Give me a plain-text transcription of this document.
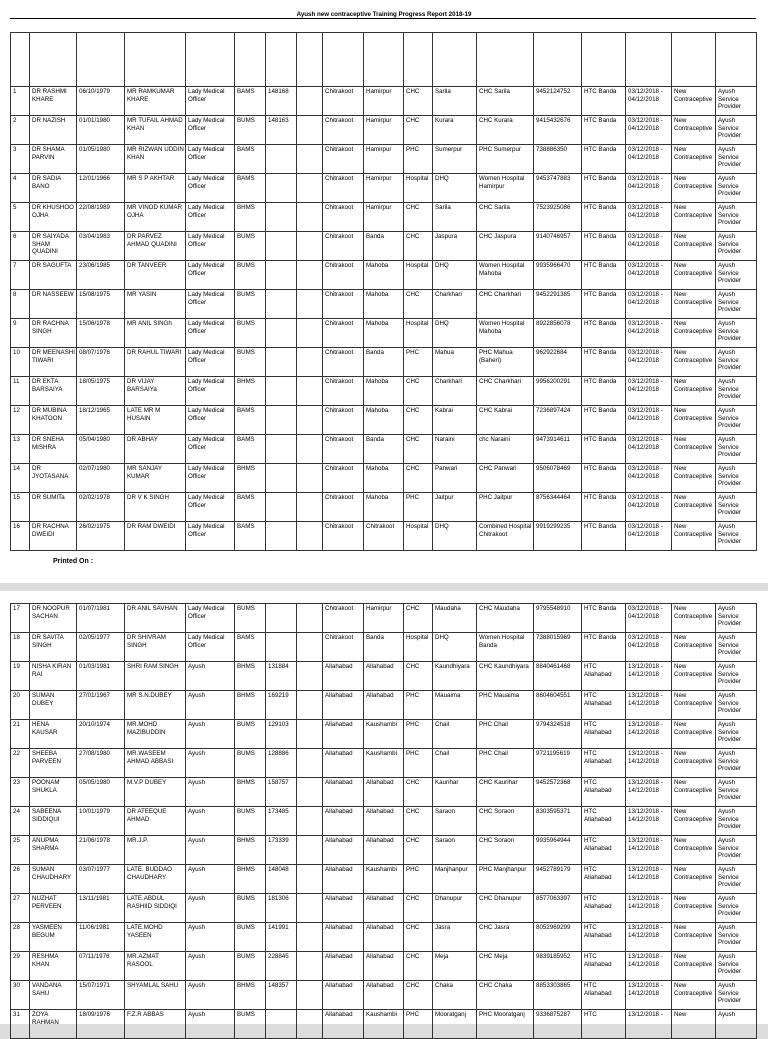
Ayush new contraceptive Training Progress Report 2018-19
Printed On :

1	DR RASHMI KHARE	06/10/1979	MR RAMKUMAR KHARE	Lady Medical Officer	BAMS	148168		Chitrakoot	Hamirpur	CHC	Sarila	CHC Sarila	9452124752	HTC Banda	03/12/2018 - 04/12/2018	New Contraceptive	Ayush Service Provider
2	DR NAZISH	01/01/1980	MR TUFAIL AHMAD KHAN	Lady Medical Officer	BUMS	148163		Chitrakoot	Hamirpur	CHC	Kurara	CHC Kurara	9415432676	HTC Banda	03/12/2018 - 04/12/2018	New Contraceptive	Ayush Service Provider
3	DR SHAMA PARVIN	01/05/1980	MR RIZWAN UDDIN KHAN	Lady Medical Officer	BAMS			Chitrakoot	Hamirpur	PHC	Sumerpur	PHC Sumerpur	738886350	HTC Banda	03/12/2018 - 04/12/2018	New Contraceptive	Ayush Service Provider
4	DR SADIA BANO	12/01/1966	MR S P AKHTAR	Lady Medical Officer	BAMS			Chitrakoot	Hamirpur	Hospital	DHQ	Women Hospital Hamirpur	9453747883	HTC Banda	03/12/2018 - 04/12/2018	New Contraceptive	Ayush Service Provider
5	DR KHUSHOO OJHA	22/08/1989	MR VINOD KUMAR OJHA	Lady Medical Officer	BHMS			Chitrakoot	Hamirpur	CHC	Sarila	CHC Sarila	7523925086	HTC Banda	03/12/2018 - 04/12/2018	New Contraceptive	Ayush Service Provider
6	DR SAIYADA SHAM QUADINI	03/04/1983	DR PARVEZ AHMAD QUADINI	Lady Medical Officer	BUMS			Chitrakoot	Banda	CHC	Jaspura	CHC Jaspura	9140746957	HTC Banda	03/12/2018 - 04/12/2018	New Contraceptive	Ayush Service Provider
7	DR SAGUFTA	23/06/1985	DR TANVEER	Lady Medical Officer	BUMS			Chitrakoot	Mahoba	Hospital	DHQ	Women Hospital Mahoba	9935966470	HTC Banda	03/12/2018 - 04/12/2018	New Contraceptive	Ayush Service Provider
8	DR NASSEEW	15/08/1975	MR YASIN	Lady Medical Officer	BUMS			Chitrakoot	Mahoba	CHC	Charkhari	CHC Charkhari	9452291385	HTC Banda	03/12/2018 - 04/12/2018	New Contraceptive	Ayush Service Provider
9	DR RACHNA SINGH	15/06/1978	MR ANIL SINGh	Lady Medical Officer	BUMS			Chitrakoot	Mahoba	Hospital	DHQ	Women Hospital Mahoba	8922856078	HTC Banda	03/12/2018 - 04/12/2018	New Contraceptive	Ayush Service Provider
10	DR MEENASHI TIWARI	08/07/1976	DR RAHUL TIWARI	Lady Medical Officer	BUMS			Chitrakoot	Banda	PHC	Mahua	PHC Mahua (Baheri)	962922684	HTC Banda	03/12/2018 - 04/12/2018	New Contraceptive	Ayush Service Provider
11	DR EKTA BARSAIYA	18/05/1975	DR VIJAY BARSAIYa	Lady Medical Officer	BHMS			Chitrakoot	Mahoba	CHC	Charkhari	CHC Charkhari	9956200291	HTC Banda	03/12/2018 - 04/12/2018	New Contraceptive	Ayush Service Provider
12	DR MUBINA KHATOON	18/12/1965	LATE MR M HUSAIN	Lady Medical Officer	BAMS			Chitrakoot	Mahoba	CHC	Kabrai	CHC Kabrai	7236897424	HTC Banda	03/12/2018 - 04/12/2018	New Contraceptive	Ayush Service Provider
13	DR SNEHA MISHRA	05/04/1980	DR ABHAY	Lady Medical Officer	BAMS			Chitrakoot	Banda	CHC	Naraini	chc Naraini	9473914611	HTC Banda	03/12/2018 - 04/12/2018	New Contraceptive	Ayush Service Provider
14	DR JYOTASANA	02/07/1980	MR SANJAY KUMAR	Lady Medical Officer	BHMS			Chitrakoot	Mahoba	CHC	Panwari	CHC Panwari	9506078469	HTC Banda	03/12/2018 - 04/12/2018	New Contraceptive	Ayush Service Provider
15	DR SUMITa	02/02/1978	DR V K SINGH	Lady Medical Officer	BAMS			Chitrakoot	Mahoba	PHC	Jaitpur	PHC Jaitpur	8756344464	HTC Banda	03/12/2018 - 04/12/2018	New Contraceptive	Ayush Service Provider
16	DR RACHNA DWEIDI	26/02/1975	DR RAM DWEIDI	Lady Medical Officer	BAMS			Chitrakoot	Chitrakoot	Hospital	DHQ	Combined Hospital Chitrakoot	9919299235	HTC Banda	03/12/2018 - 04/12/2018	New Contraceptive	Ayush Service Provider
17	DR NOOPUR SACHAN	01/07/1981	DR ANIL SAVHAN	Lady Medical Officer	BUMS			Chitrakoot	Hamirpur	CHC	Maudaha	CHC Maudaha	9795548910	HTC Banda	03/12/2018 - 04/12/2018	New Contraceptive	Ayush Service Provider
18	DR SAVITA SINGH	02/05/1977	DR SHIVRAM SINGH	Lady Medical Officer	BAMS			Chitrakoot	Banda	Hospital	DHQ	Women Hospital Banda	7388015969	HTC Banda	03/12/2018 - 04/12/2018	New Contraceptive	Ayush Service Provider
19	NISHA KIRAN RAI	01/03/1981	SHRI RAM SINGH	Ayush	BHMS	131884		Allahabad	Allahabad	CHC	Kaundhiyara	CHC Kaundhiyara	8840461468	HTC Allahabad	13/12/2018 - 14/12/2018	New Contraceptive	Ayush Service Provider
20	SUMAN DUBEY	27/01/1967	MR S.N.DUBEY	Ayush	BHMS	169219		Allahabad	Allahabad	PHC	Mauaima	PHC Mauaima	8604604551	HTC Allahabad	13/12/2018 - 14/12/2018	New Contraceptive	Ayush Service Provider
21	HENA KAUSAR	20/10/1974	MR.MOHD MAZIBUDDIN	Ayush	BUMS	129103		Allahabad	Kaushambi	PHC	Chail	PHC Chail	9794324518	HTC Allahabad	13/12/2018 - 14/12/2018	New Contraceptive	Ayush Service Provider
22	SHEEBA PARVEEN	27/08/1980	MR.WASEEM AHMAD ABBASI	Ayush	BUMS	128886		Allahabad	Kaushambi	PHC	Chail	PHC Chail	9721195619	HTC Allahabad	13/12/2018 - 14/12/2018	New Contraceptive	Ayush Service Provider
23	POONAM SHUKLA	05/05/1980	M.V.P DUBEY	Ayush	BHMS	158757		Allahabad	Allahabad	CHC	Kaurihar	CHC Kaurihar	9452572368	HTC Allahabad	13/12/2018 - 14/12/2018	New Contraceptive	Ayush Service Provider
24	SABEENA SIDDIQUI	10/01/1979	DR ATEEQUE AHMAD	Ayush	BUMS	173485		Allahabad	Allahabad	CHC	Saraon	CHC Soraon	8303595371	HTC Allahabad	13/12/2018 - 14/12/2018	New Contraceptive	Ayush Service Provider
25	ANUPMA SHARMA	21/06/1978	MR.J.P.	Ayush	BHMS	173339		Allahabad	Allahabad	CHC	Saraon	CHC Soraon	9935964944	HTC Allahabad	13/12/2018 - 14/12/2018	New Contraceptive	Ayush Service Provider
26	SUMAN CHAUDHARY	03/07/1977	LATE. BUDDAO CHAUDHARY	Ayush	BHMS	148048		Allahabad	Kaushambi	PHC	Manjhanpur	PHC Manjhanpur	9452789179	HTC Allahabad	13/12/2018 - 14/12/2018	New Contraceptive	Ayush Service Provider
27	NUZHAT PERVEEN	13/11/1981	LATE.ABDUL RASHIID SIDDIQI	Ayush	BUMS	181306		Allahabad	Allahabad	CHC	Dhanupur	CHC Dhanupur	8577063397	HTC Allahabad	13/12/2018 - 14/12/2018	New Contraceptive	Ayush Service Provider
28	YASMEEN BEGUM	11/06/1981	LATE.MOHD YASEEN	Ayush	BUMS	141991		Allahabad	Allahabad	CHC	Jasra	CHC Jasra	8052969299	HTC Allahabad	13/12/2018 - 14/12/2018	New Contraceptive	Ayush Service Provider
29	RESHMA KHAN	07/11/1976	MR.AZMAT RASOOL	Ayush	BUMS	228845		Allahabad	Allahabad	CHC	Meja	CHC Meja	9839185952	HTC Allahabad	13/12/2018 - 14/12/2018	New Contraceptive	Ayush Service Provider
30	VANDANA SAHU	15/07/1971	SHYAMLAL SAHU	Ayush	BHMS	148357		Allahabad	Allahabad	CHC	Chaka	CHC Chaka	8853303865	HTC Allahabad	13/12/2018 - 14/12/2018	New Contraceptive	Ayush Service Provider
31	ZOYA RAHMAN	18/09/1976	F.Z.R ABBAS	Ayush	BUMS			Allahabad	Kaushambi	PHC	Mooratganj	PHC Mooratganj	9336875287	HTC	13/12/2018 -	New	Ayush
